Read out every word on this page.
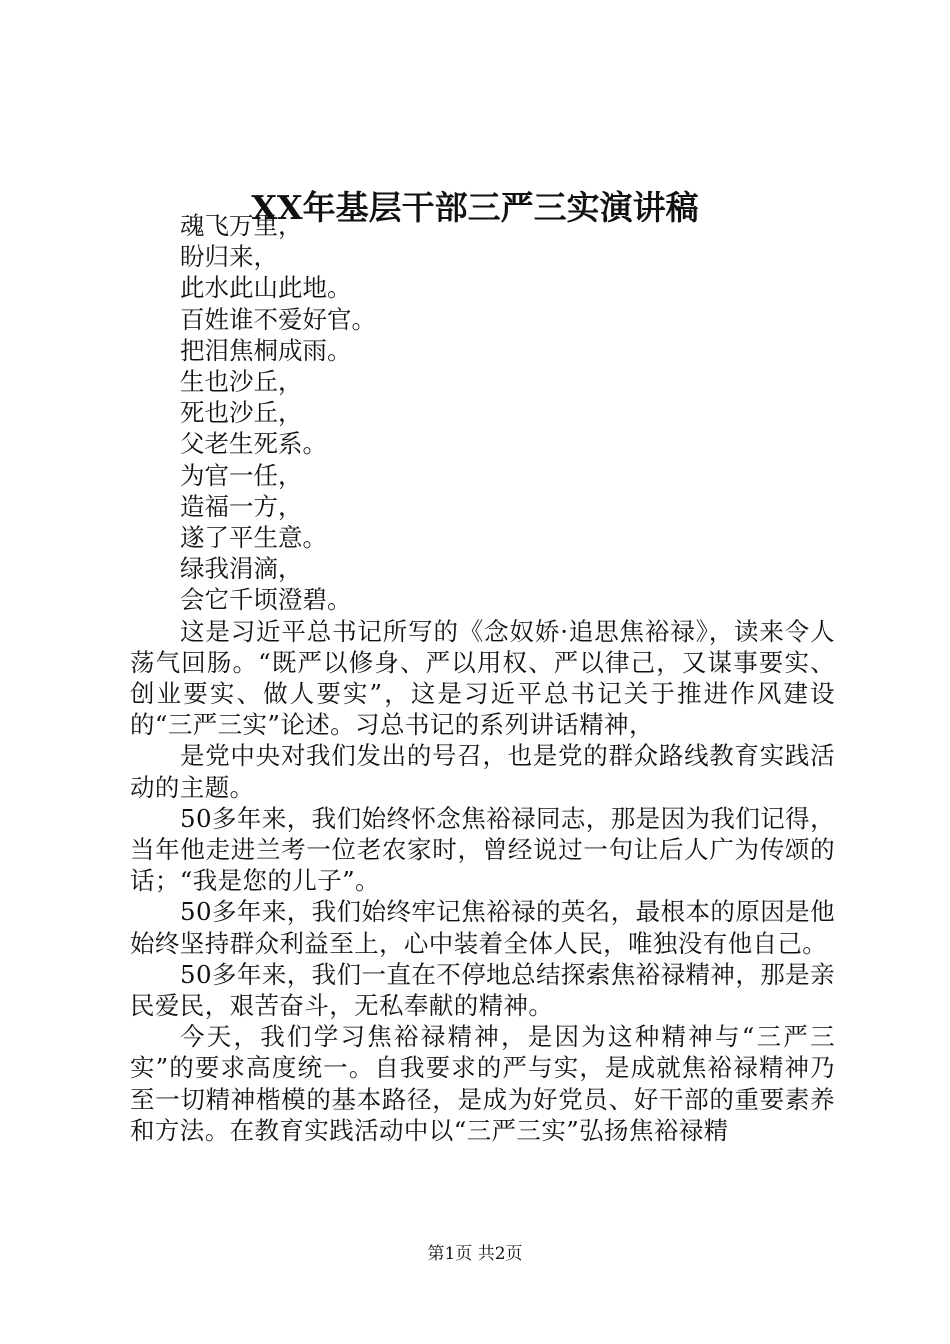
XX年基层干部三严三实演讲稿

魂飞万里，

盼归来，

此水此山此地。

百姓谁不爱好官。

把泪焦桐成雨。

生也沙丘，

死也沙丘，

父老生死系。

为官一任，

造福一方，

遂了平生意。

绿我涓滴，

会它千顷澄碧。

这是习近平总书记所写的《念奴娇·追思焦裕禄》，读来令人荡气回肠。“既严以修身、严以用权、严以律己，又谋事要实、创业要实、做人要实”，这是习近平总书记关于推进作风建设的“三严三实”论述。习总书记的系列讲话精神，

是党中央对我们发出的号召，也是党的群众路线教育实践活动的主题。

50多年来，我们始终怀念焦裕禄同志，那是因为我们记得，当年他走进兰考一位老农家时，曾经说过一句让后人广为传颂的话；“我是您的儿子”。

50多年来，我们始终牢记焦裕禄的英名，最根本的原因是他始终坚持群众利益至上，心中装着全体人民，唯独没有他自己。

50多年来，我们一直在不停地总结探索焦裕禄精神，那是亲民爱民，艰苦奋斗，无私奉献的精神。

今天，我们学习焦裕禄精神，是因为这种精神与“三严三实”的要求高度统一。自我要求的严与实，是成就焦裕禄精神乃至一切精神楷模的基本路径，是成为好党员、好干部的重要素养和方法。在教育实践活动中以“三严三实”弘扬焦裕禄精

第1页 共2页
